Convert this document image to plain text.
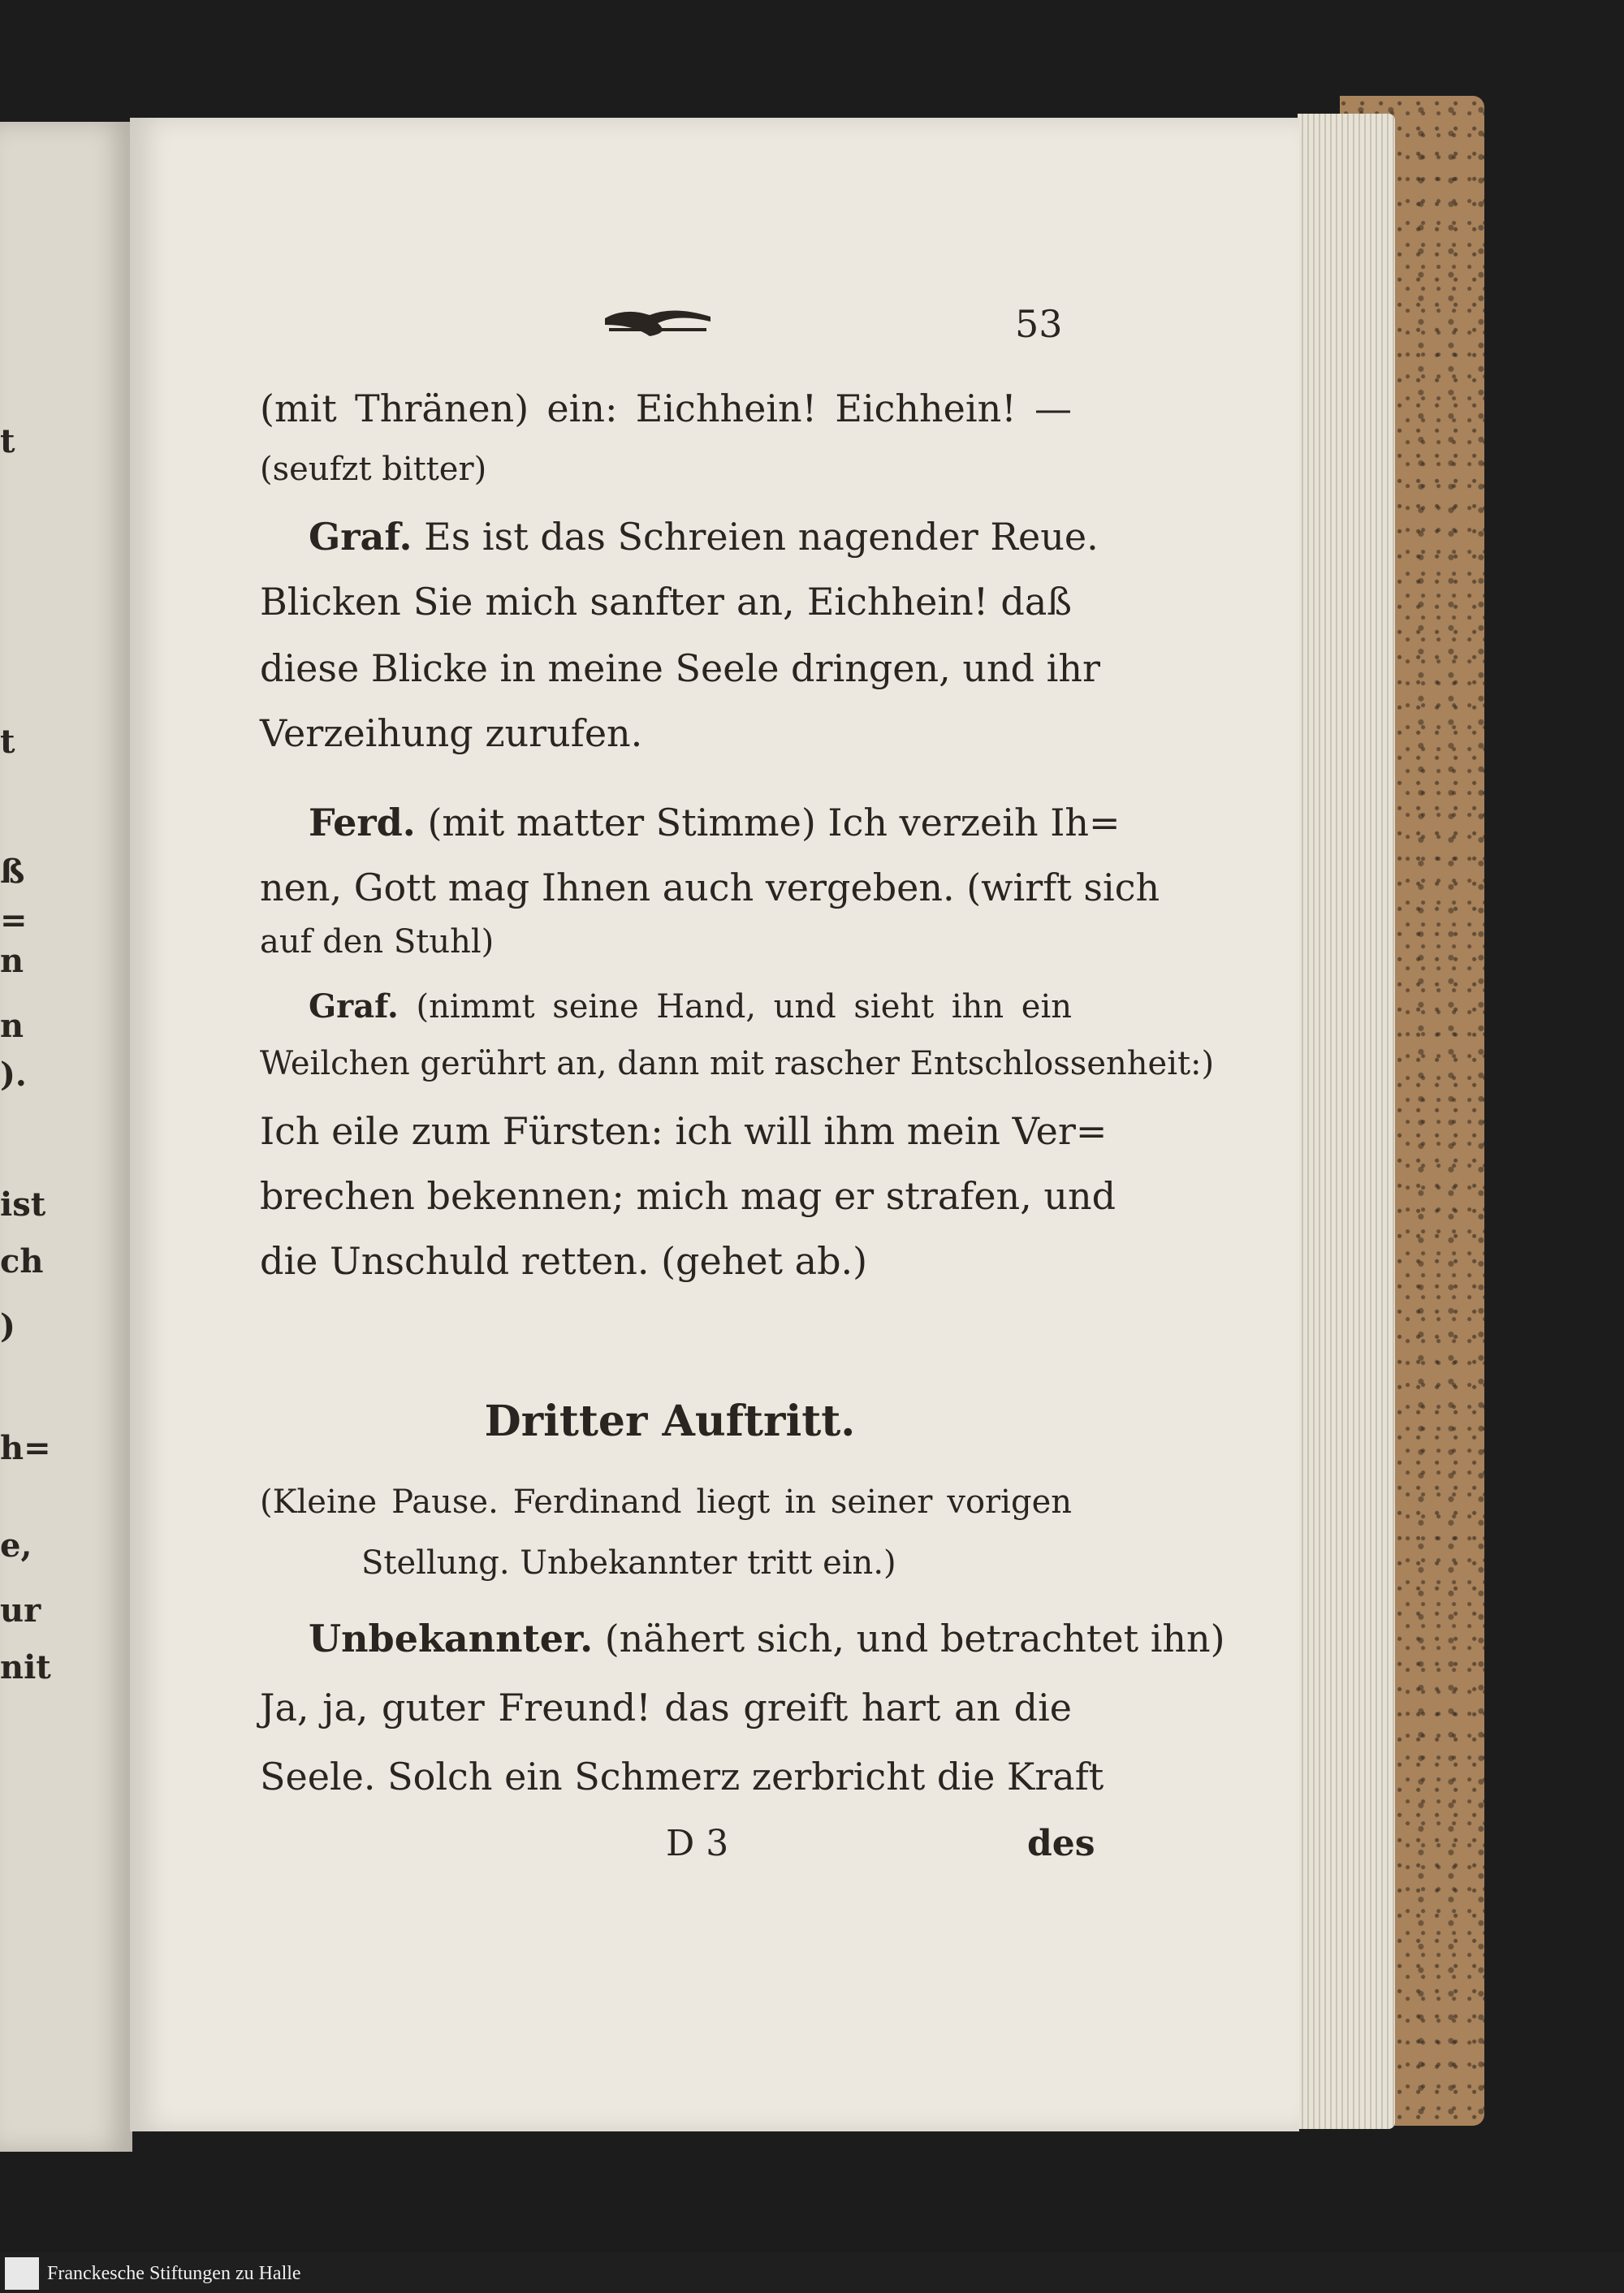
t
t
ß
=
n
n
).
ist
ch
)
h=
e,
ur
nit
53
(mit Thränen) ein: Eichhein! Eichhein! —
(seufzt bitter)
Graf. Es ist das Schreien nagender Reue.
Blicken Sie mich sanfter an, Eichhein! daß
diese Blicke in meine Seele dringen, und ihr
Verzeihung zurufen.
Ferd. (mit matter Stimme) Ich verzeih Ih=
nen, Gott mag Ihnen auch vergeben. (wirft sich
auf den Stuhl)
Graf. (nimmt seine Hand, und sieht ihn ein
Weilchen gerührt an, dann mit rascher Entschlossenheit:)
Ich eile zum Fürsten: ich will ihm mein Ver=
brechen bekennen; mich mag er strafen, und
die Unschuld retten. (gehet ab.)
Dritter Auftritt.
(Kleine Pause. Ferdinand liegt in seiner vorigen
Stellung. Unbekannter tritt ein.)
Unbekannter. (nähert sich, und betrachtet ihn)
Ja, ja, guter Freund! das greift hart an die
Seele. Solch ein Schmerz zerbricht die Kraft
D 3	des
Franckesche Stiftungen zu Halle
